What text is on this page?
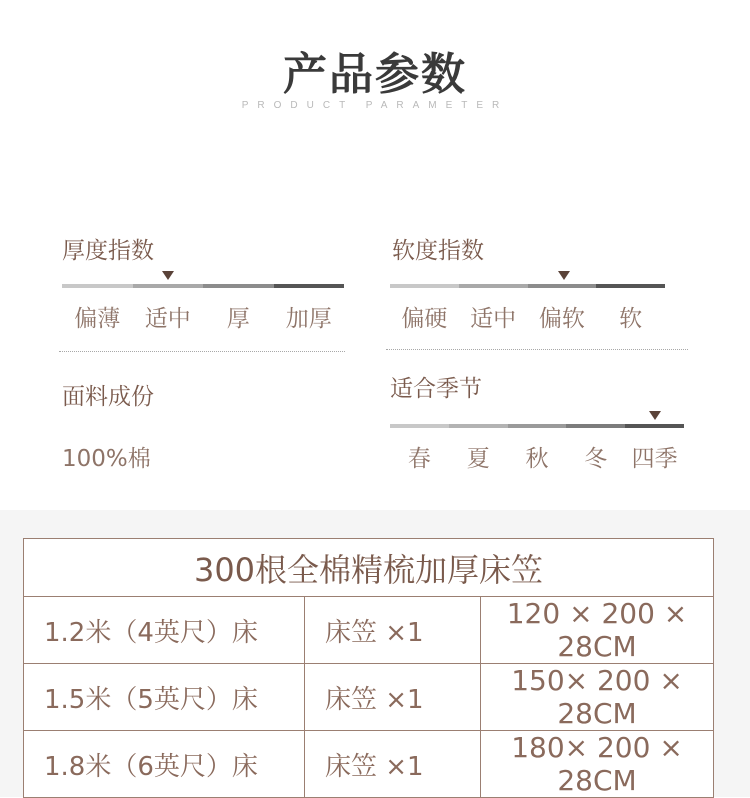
产品参数
PRODUCT PARAMETER
厚度指数
偏薄	适中	厚	加厚
软度指数
偏硬 适中 偏软	软
面料成份
100%棉
适合季节
春	夏	秋	冬	四季
300根全棉精梳加厚床笠		
1.2米（4英尺）床	床笠 ×1	120 × 200 × 28CM
1.5米（5英尺）床	床笠 ×1	150× 200 × 28CM
1.8米（6英尺）床	床笠 ×1	180× 200 × 28CM
